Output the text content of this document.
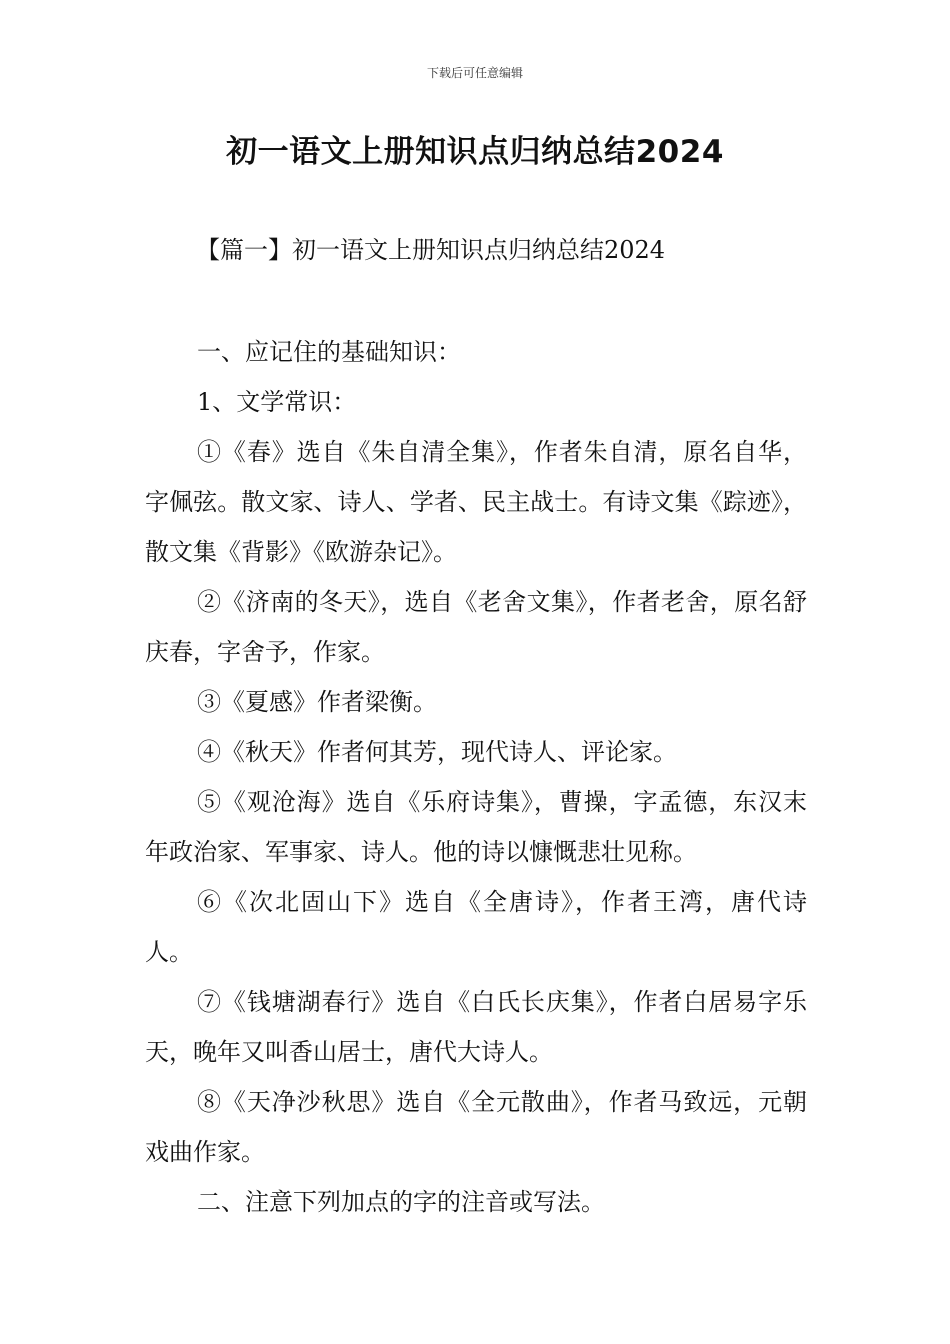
下载后可任意编辑
初一语文上册知识点归纳总结2024
【篇一】初一语文上册知识点归纳总结2024

一、应记住的基础知识：

1、文学常识：

①《春》选自《朱自清全集》，作者朱自清，原名自华，字佩弦。散文家、诗人、学者、民主战士。有诗文集《踪迹》，散文集《背影》《欧游杂记》。

②《济南的冬天》，选自《老舍文集》，作者老舍，原名舒庆春，字舍予，作家。

③《夏感》作者梁衡。

④《秋天》作者何其芳，现代诗人、评论家。

⑤《观沧海》选自《乐府诗集》，曹操，字孟德，东汉末年政治家、军事家、诗人。他的诗以慷慨悲壮见称。

⑥《次北固山下》选自《全唐诗》，作者王湾，唐代诗人。

⑦《钱塘湖春行》选自《白氏长庆集》，作者白居易字乐天，晚年又叫香山居士，唐代大诗人。

⑧《天净沙秋思》选自《全元散曲》，作者马致远，元朝戏曲作家。

二、注意下列加点的字的注音或写法。
